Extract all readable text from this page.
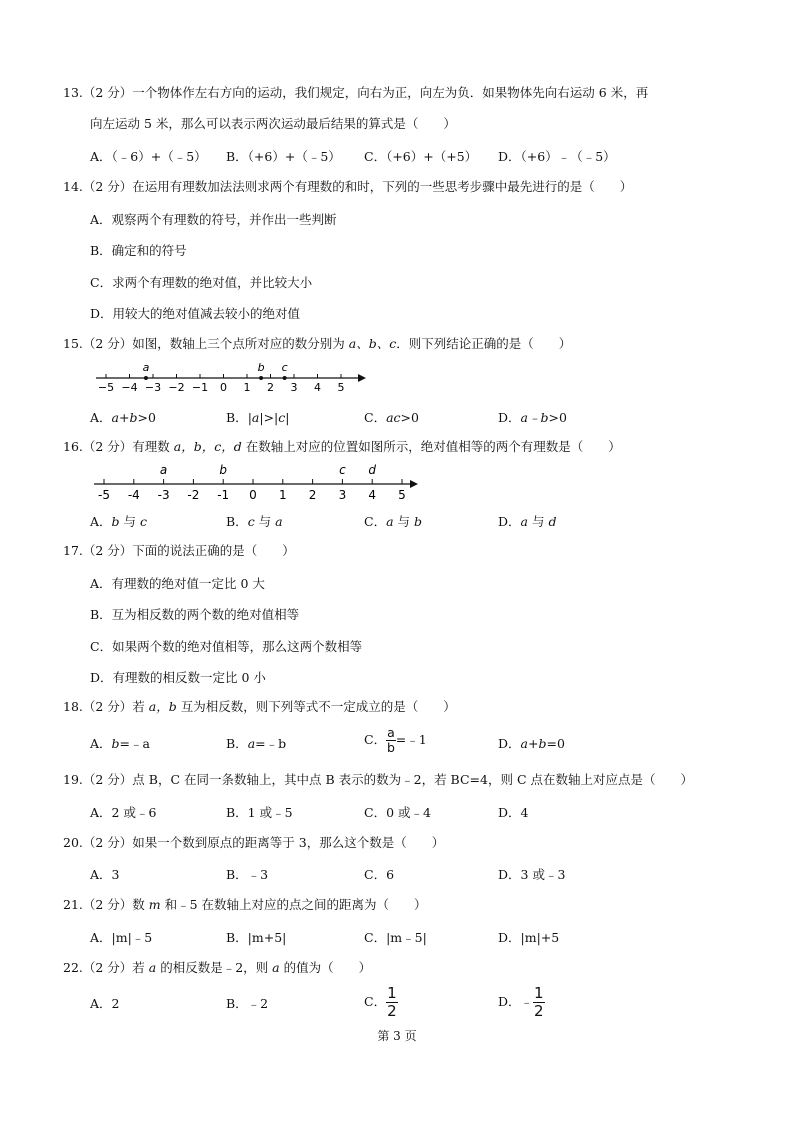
13.（2 分）一个物体作左右方向的运动，我们规定，向右为正，向左为负．如果物体先向右运动 6 米，再
向左运动 5 米，那么可以表示两次运动最后结果的算式是（　　）
A．（﹣6）+（﹣5） B．（+6）+（﹣5） C．（+6）+（+5） D．（+6）﹣（﹣5）
14.（2 分）在运用有理数加法法则求两个有理数的和时，下列的一些思考步骤中最先进行的是（　　）
A．观察两个有理数的符号，并作出一些判断
B．确定和的符号
C．求两个有理数的绝对值，并比较大小
D．用较大的绝对值减去较小的绝对值
15.（2 分）如图，数轴上三个点所对应的数分别为 a、b、c．则下列结论正确的是（　　）
−5 −4 −3 −2 −1 0 1 2 3 4 5
a	b c
A．a+b>0	B．|a|>|c|	C．ac>0	D．a﹣b>0
16.（2 分）有理数 a，b，c，d 在数轴上对应的位置如图所示，绝对值相等的两个有理数是（　　）
-5 -4 -3 -2 -1 0 1 2 3 4 5
a	b	c d
A．b 与 c	B．c 与 a	C．a 与 b	D．a 与 d
17.（2 分）下面的说法正确的是（　　）
A．有理数的绝对值一定比 0 大
B．互为相反数的两个数的绝对值相等
C．如果两个数的绝对值相等，那么这两个数相等
D．有理数的相反数一定比 0 小
18.（2 分）若 a，b 互为相反数，则下列等式不一定成立的是（　　）
A．b=﹣a	B．a=﹣b	C． $\frac{a}{b}$ =﹣1	D．a+b=0
19.（2 分）点 B，C 在同一条数轴上，其中点 B 表示的数为﹣2，若 BC=4，则 C 点在数轴上对应点是（　　）
A．2 或﹣6	B．1 或﹣5	C．0 或﹣4	D．4
20.（2 分）如果一个数到原点的距离等于 3，那么这个数是（　　）
A．3	B．﹣3	C．6	D．3 或﹣3
21.（2 分）数 m 和﹣5 在数轴上对应的点之间的距离为（　　）
A．|m|﹣5	B．|m+5|	C．|m﹣5|	D．|m|+5
22.（2 分）若 a 的相反数是﹣2，则 a 的值为（　　）
A．2	B．﹣2	C． $\frac{1}{2}$	D．﹣ $\frac{1}{2}$
第 3 页
